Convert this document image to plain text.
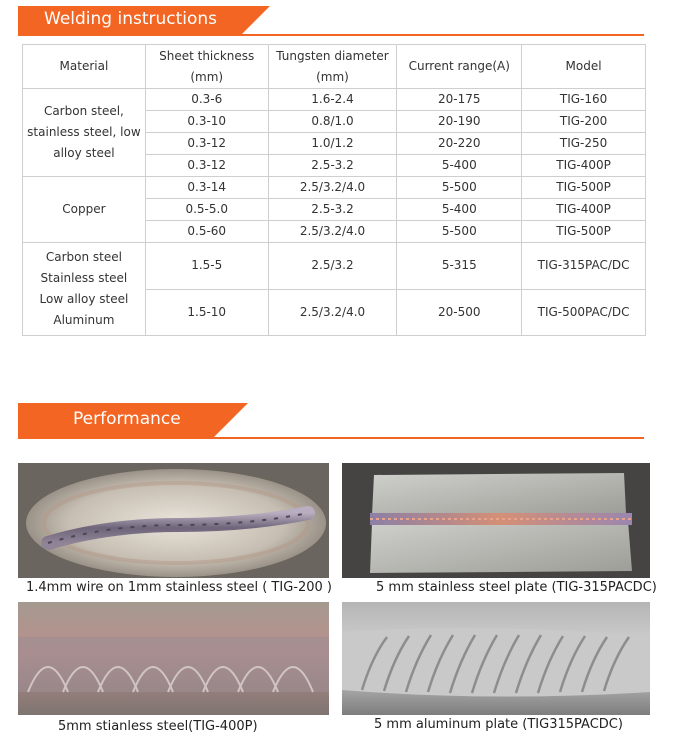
Welding instructions
Material	Sheet thickness (mm)	Tungsten diameter (mm)	Current range(A)	Model
Carbon steel, stainless steel, low alloy steel	0.3-6	1.6-2.4	20-175	TIG-160
	0.3-10	0.8/1.0	20-190	TIG-200
	0.3-12	1.0/1.2	20-220	TIG-250
	0.3-12	2.5-3.2	5-400	TIG-400P
Copper	0.3-14	2.5/3.2/4.0	5-500	TIG-500P
	0.5-5.0	2.5-3.2	5-400	TIG-400P
	0.5-60	2.5/3.2/4.0	5-500	TIG-500P
Carbon steel Stainless steel Low alloy steel Aluminum	1.5-5	2.5/3.2	5-315	TIG-315PAC/DC
	1.5-10	2.5/3.2/4.0	20-500	TIG-500PAC/DC
Performance
1.4mm wire on 1mm stainless steel ( TIG-200 )	5 mm stainless steel plate (TIG-315PACDC)
5mm stianless steel(TIG-400P)	5 mm aluminum plate (TIG315PACDC)
